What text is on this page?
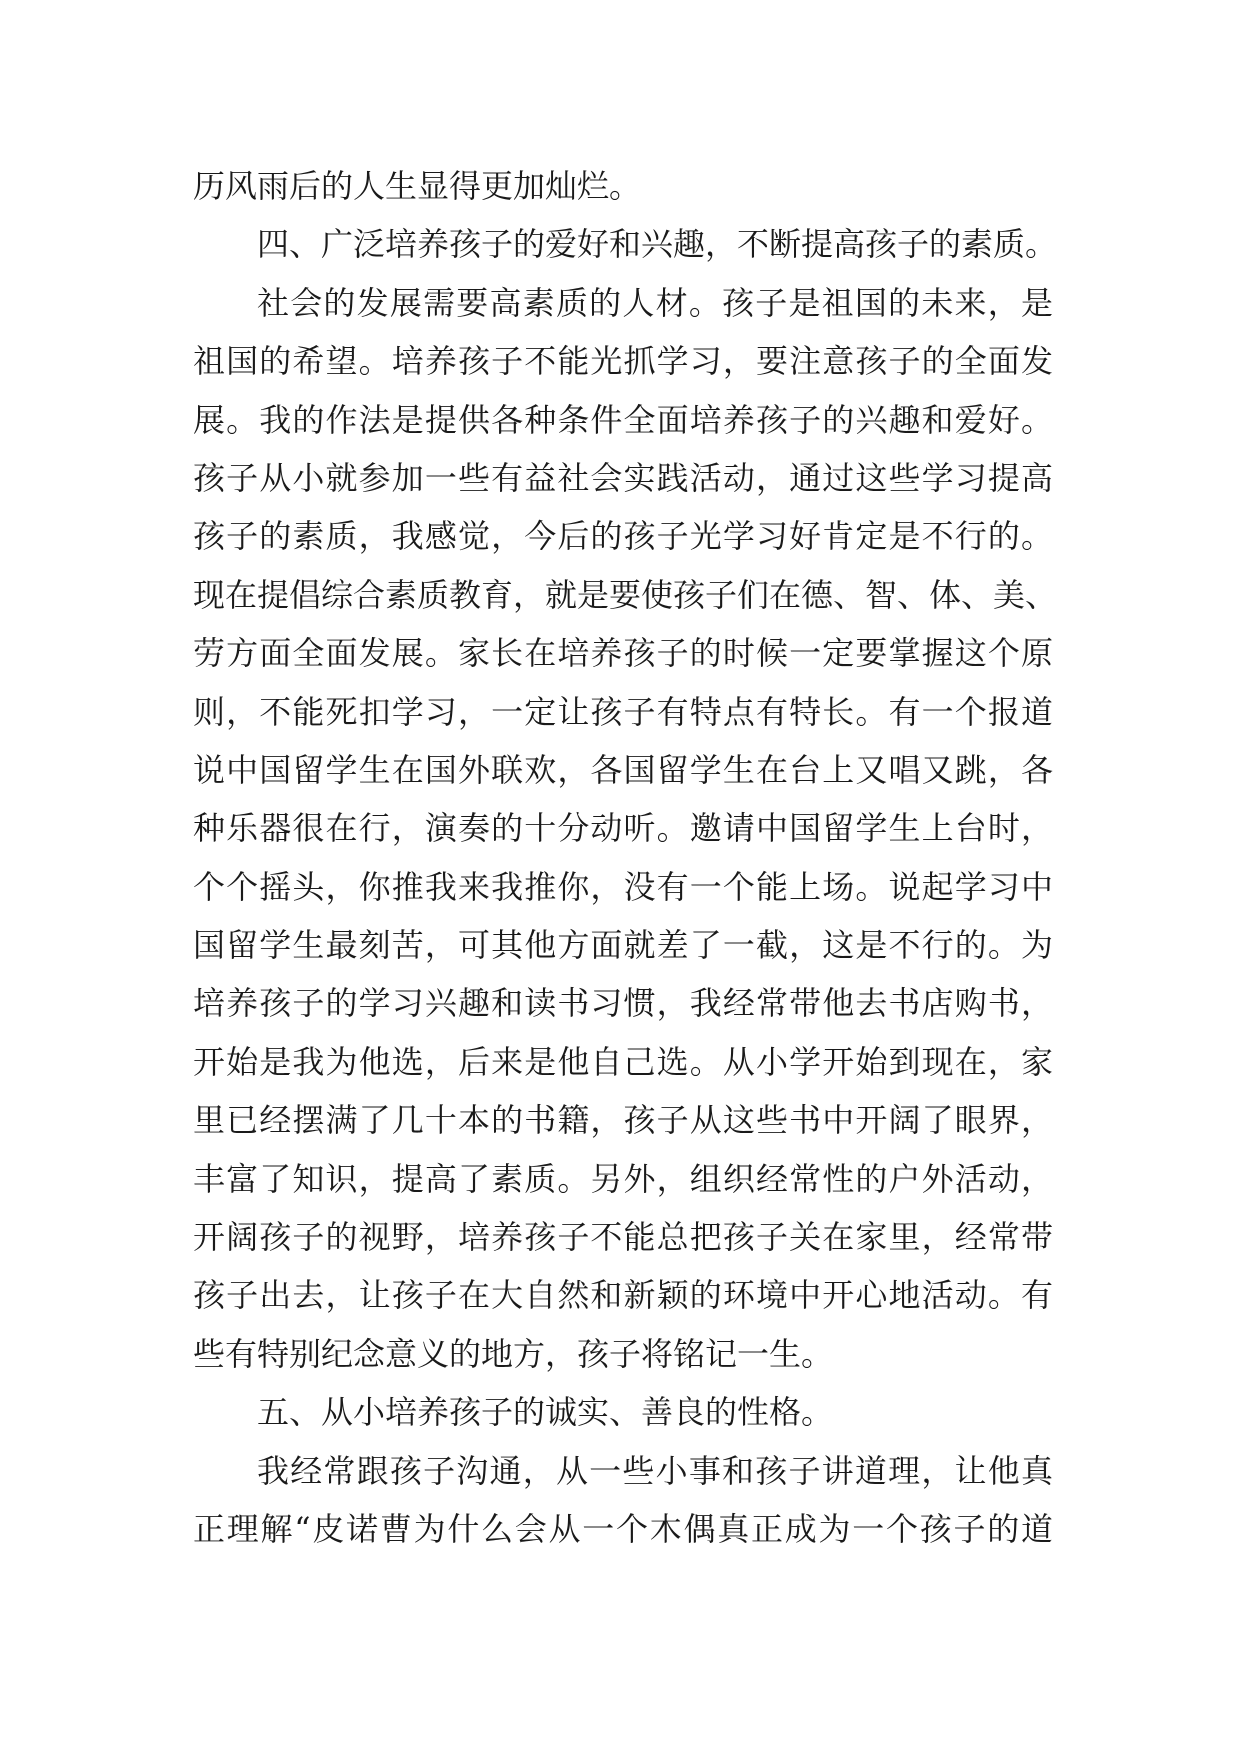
历风雨后的人生显得更加灿烂。
四、广泛培养孩子的爱好和兴趣，不断提高孩子的素质。
社会的发展需要高素质的人材。孩子是祖国的未来，是
祖国的希望。培养孩子不能光抓学习，要注意孩子的全面发
展。我的作法是提供各种条件全面培养孩子的兴趣和爱好。
孩子从小就参加一些有益社会实践活动，通过这些学习提高
孩子的素质，我感觉，今后的孩子光学习好肯定是不行的。
现在提倡综合素质教育，就是要使孩子们在德、智、体、美、
劳方面全面发展。家长在培养孩子的时候一定要掌握这个原
则，不能死扣学习，一定让孩子有特点有特长。有一个报道
说中国留学生在国外联欢，各国留学生在台上又唱又跳，各
种乐器很在行，演奏的十分动听。邀请中国留学生上台时，
个个摇头，你推我来我推你，没有一个能上场。说起学习中
国留学生最刻苦，可其他方面就差了一截，这是不行的。为
培养孩子的学习兴趣和读书习惯，我经常带他去书店购书，
开始是我为他选，后来是他自己选。从小学开始到现在，家
里已经摆满了几十本的书籍，孩子从这些书中开阔了眼界，
丰富了知识，提高了素质。另外，组织经常性的户外活动，
开阔孩子的视野，培养孩子不能总把孩子关在家里，经常带
孩子出去，让孩子在大自然和新颖的环境中开心地活动。有
些有特别纪念意义的地方，孩子将铭记一生。
五、从小培养孩子的诚实、善良的性格。
我经常跟孩子沟通，从一些小事和孩子讲道理，让他真
正理解“皮诺曹为什么会从一个木偶真正成为一个孩子的道
